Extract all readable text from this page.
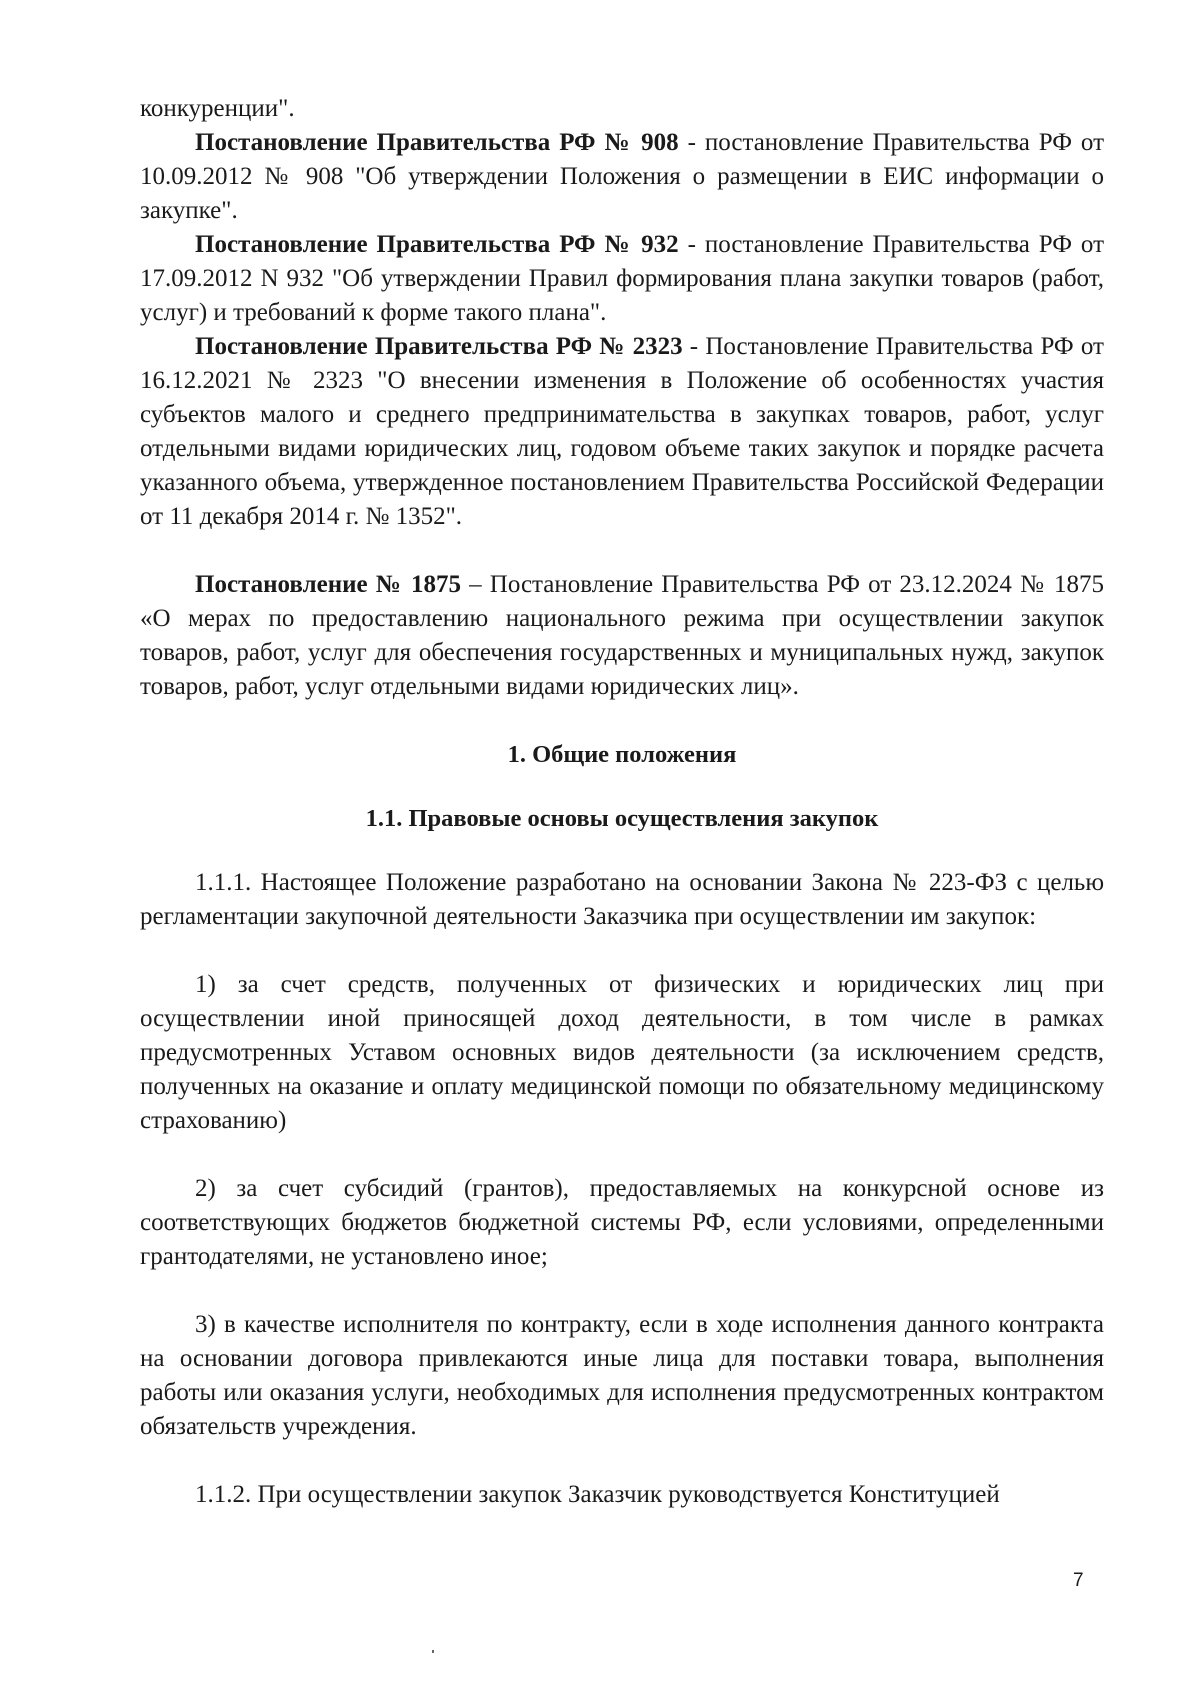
конкуренции".

Постановление Правительства РФ № 908 - постановление Правительства РФ от 10.09.2012 № 908 "Об утверждении Положения о размещении в ЕИС информации о закупке".

Постановление Правительства РФ № 932 - постановление Правительства РФ от 17.09.2012 N 932 "Об утверждении Правил формирования плана закупки товаров (работ, услуг) и требований к форме такого плана".

Постановление Правительства РФ № 2323 - Постановление Правительства РФ от 16.12.2021 № 2323 "О внесении изменения в Положение об особенностях участия субъектов малого и среднего предпринимательства в закупках товаров, работ, услуг отдельными видами юридических лиц, годовом объеме таких закупок и порядке расчета указанного объема, утвержденное постановлением Правительства Российской Федерации от 11 декабря 2014 г. № 1352".

Постановление № 1875 – Постановление Правительства РФ от 23.12.2024 № 1875 «О мерах по предоставлению национального режима при осуществлении закупок товаров, работ, услуг для обеспечения государственных и муниципальных нужд, закупок товаров, работ, услуг отдельными видами юридических лиц».

1. Общие положения
1.1. Правовые основы осуществления закупок

1.1.1. Настоящее Положение разработано на основании Закона № 223-ФЗ с целью регламентации закупочной деятельности Заказчика при осуществлении им закупок:

1) за счет средств, полученных от физических и юридических лиц при осуществлении иной приносящей доход деятельности, в том числе в рамках предусмотренных Уставом основных видов деятельности (за исключением средств, полученных на оказание и оплату медицинской помощи по обязательному медицинскому страхованию)

2) за счет субсидий (грантов), предоставляемых на конкурсной основе из соответствующих бюджетов бюджетной системы РФ, если условиями, определенными грантодателями, не установлено иное;

3) в качестве исполнителя по контракту, если в ходе исполнения данного контракта на основании договора привлекаются иные лица для поставки товара, выполнения работы или оказания услуги, необходимых для исполнения предусмотренных контрактом обязательств учреждения.

1.1.2. При осуществлении закупок Заказчик руководствуется Конституцией

7
